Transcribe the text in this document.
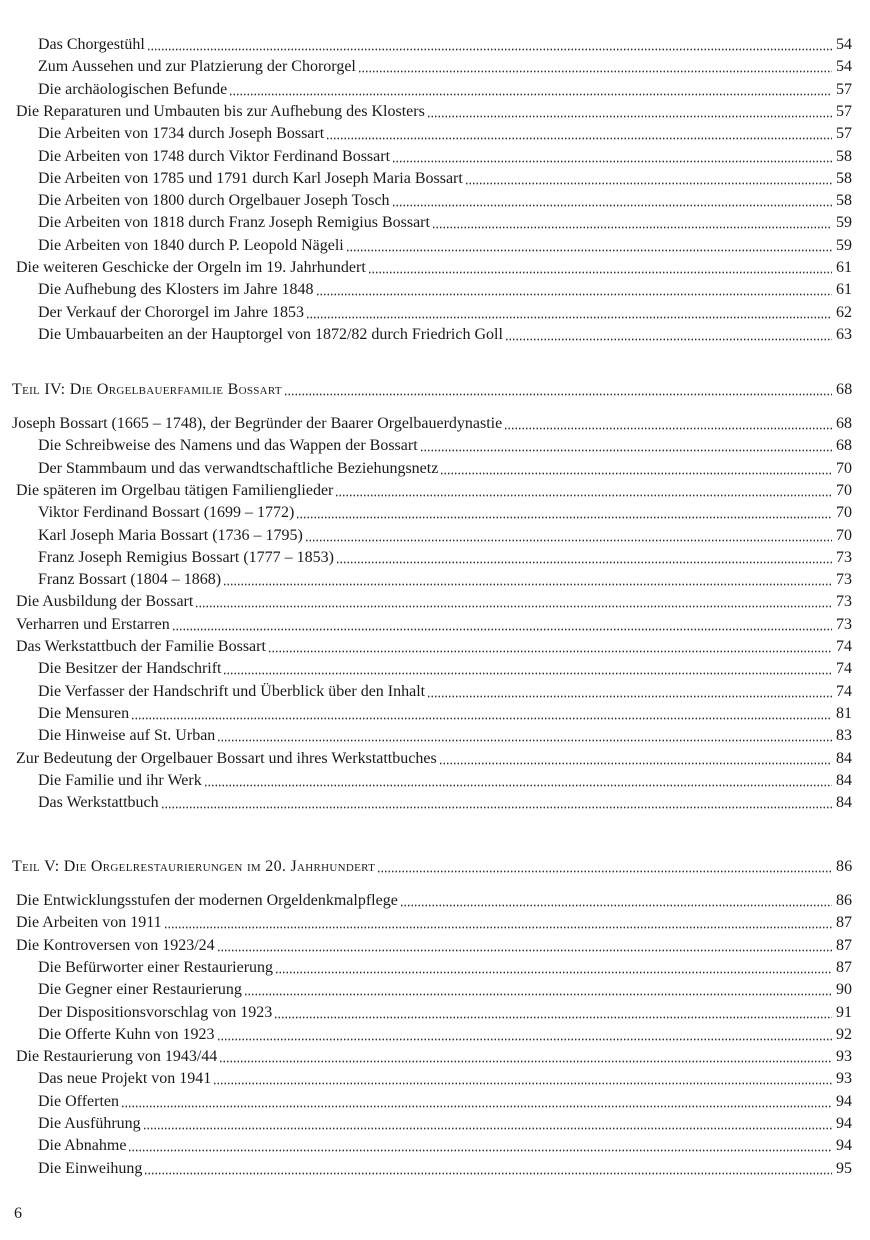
Das Chorgestühl	54
Zum Aussehen und zur Platzierung der Chororgel	54
Die archäologischen Befunde	57
Die Reparaturen und Umbauten bis zur Aufhebung des Klosters	57
Die Arbeiten von 1734 durch Joseph Bossart	57
Die Arbeiten von 1748 durch Viktor Ferdinand Bossart	58
Die Arbeiten von 1785 und 1791 durch Karl Joseph Maria Bossart	58
Die Arbeiten von 1800 durch Orgelbauer Joseph Tosch	58
Die Arbeiten von 1818 durch Franz Joseph Remigius Bossart	59
Die Arbeiten von 1840 durch P. Leopold Nägeli	59
Die weiteren Geschicke der Orgeln im 19. Jahrhundert	61
Die Aufhebung des Klosters im Jahre 1848	61
Der Verkauf der Chororgel im Jahre 1853	62
Die Umbauarbeiten an der Hauptorgel von 1872/82 durch Friedrich Goll	63
Teil IV: Die Orgelbauerfamilie Bossart	68
Joseph Bossart (1665 – 1748), der Begründer der Baarer Orgelbauerdynastie	68
Die Schreibweise des Namens und das Wappen der Bossart	68
Der Stammbaum und das verwandtschaftliche Beziehungsnetz	70
Die späteren im Orgelbau tätigen Familienglieder	70
Viktor Ferdinand Bossart (1699 – 1772)	70
Karl Joseph Maria Bossart (1736 – 1795)	70
Franz Joseph Remigius Bossart (1777 – 1853)	73
Franz Bossart (1804 – 1868)	73
Die Ausbildung der Bossart	73
Verharren und Erstarren	73
Das Werkstattbuch der Familie Bossart	74
Die Besitzer der Handschrift	74
Die Verfasser der Handschrift und Überblick über den Inhalt	74
Die Mensuren	81
Die Hinweise auf St. Urban	83
Zur Bedeutung der Orgelbauer Bossart und ihres Werkstattbuches	84
Die Familie und ihr Werk	84
Das Werkstattbuch	84
Teil V: Die Orgelrestaurierungen im 20. Jahrhundert	86
Die Entwicklungsstufen der modernen Orgeldenkmalpflege	86
Die Arbeiten von 1911	87
Die Kontroversen von 1923/24	87
Die Befürworter einer Restaurierung	87
Die Gegner einer Restaurierung	90
Der Dispositionsvorschlag von 1923	91
Die Offerte Kuhn von 1923	92
Die Restaurierung von 1943/44	93
Das neue Projekt von 1941	93
Die Offerten	94
Die Ausführung	94
Die Abnahme	94
Die Einweihung	95
6
